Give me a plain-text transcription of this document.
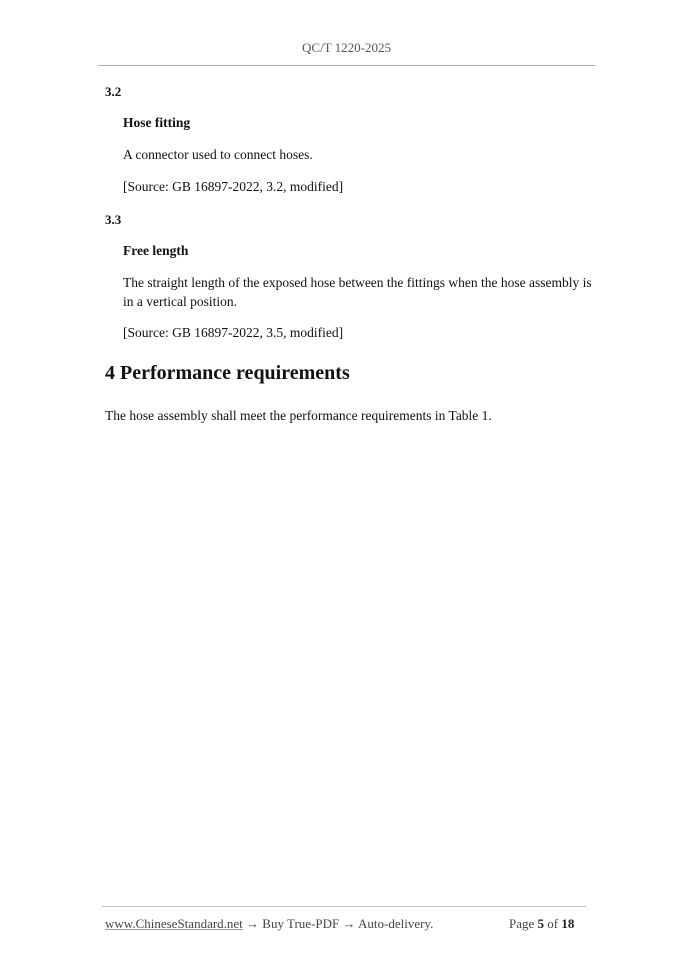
QC/T 1220-2025
3.2
Hose fitting
A connector used to connect hoses.
[Source: GB 16897-2022, 3.2, modified]
3.3
Free length
The straight length of the exposed hose between the fittings when the hose assembly is in a vertical position.
[Source: GB 16897-2022, 3.5, modified]
4 Performance requirements
The hose assembly shall meet the performance requirements in Table 1.
www.ChineseStandard.net → Buy True-PDF → Auto-delivery.	Page 5 of 18
